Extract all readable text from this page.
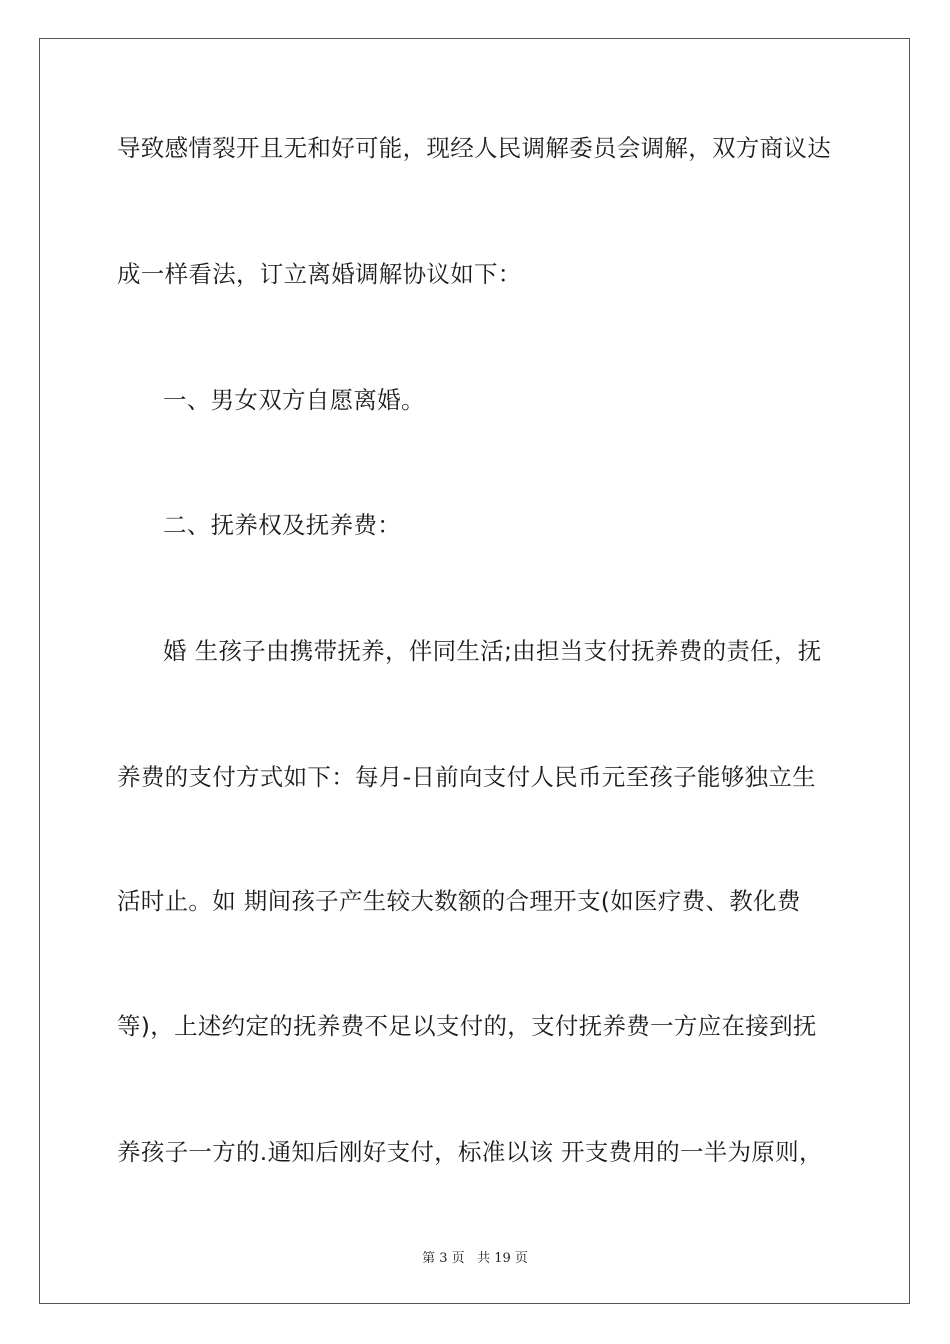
导致感情裂开且无和好可能，现经人民调解委员会调解，双方商议达
成一样看法，订立离婚调解协议如下：
一、男女双方自愿离婚。
二、抚养权及抚养费：
婚 生孩子由携带抚养，伴同生活;由担当支付抚养费的责任，抚
养费的支付方式如下：每月-日前向支付人民币元至孩子能够独立生
活时止。如 期间孩子产生较大数额的合理开支(如医疗费、教化费
等)，上述约定的抚养费不足以支付的，支付抚养费一方应在接到抚
养孩子一方的.通知后刚好支付，标准以该 开支费用的一半为原则，
第 3 页 共 19 页
